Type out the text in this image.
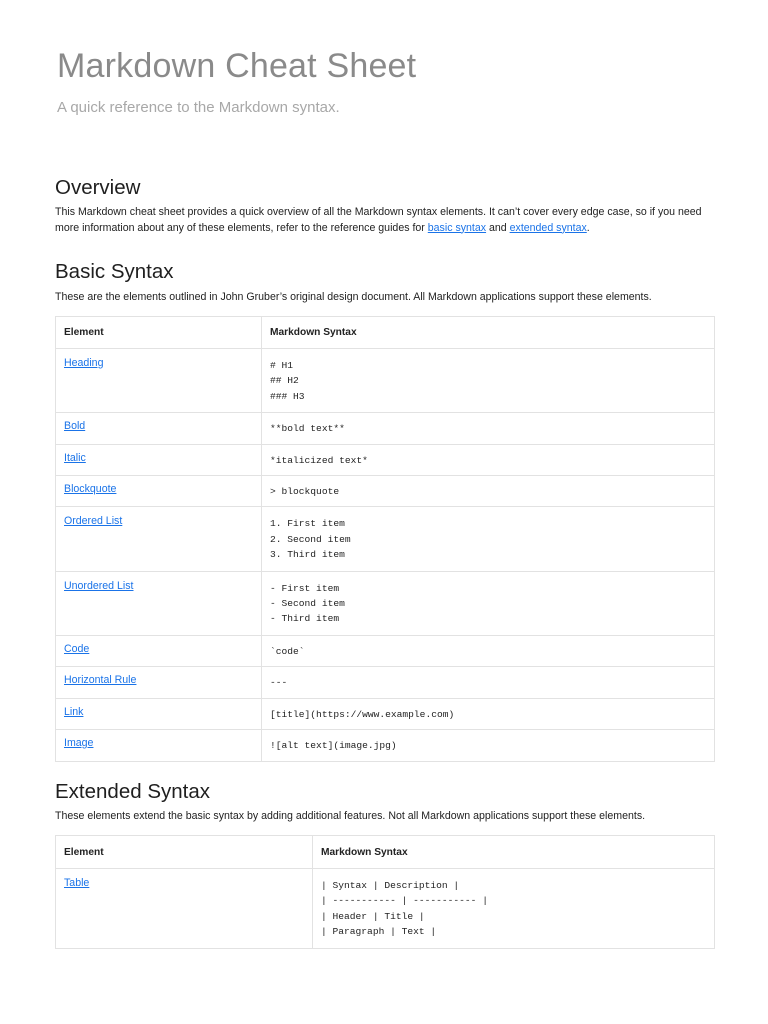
Markdown Cheat Sheet
A quick reference to the Markdown syntax.
Overview

This Markdown cheat sheet provides a quick overview of all the Markdown syntax elements. It can’t cover every edge case, so if you need more information about any of these elements, refer to the reference guides for basic syntax and extended syntax.

Basic Syntax

These are the elements outlined in John Gruber’s original design document. All Markdown applications support these elements.

Element	Markdown Syntax
Heading	# H1
## H2
### H3

Bold	**bold text**

Italic	*italicized text*

Blockquote	> blockquote

Ordered List	1. First item
2. Second item
3. Third item

Unordered List	- First item
- Second item
- Third item

Code	`code`

Horizontal Rule	---

Link	[title](https://www.example.com)

Image	![alt text](image.jpg)
Extended Syntax

These elements extend the basic syntax by adding additional features. Not all Markdown applications support these elements.

Element	Markdown Syntax
Table	| Syntax | Description |
| ----------- | ----------- |
| Header | Title |
| Paragraph | Text |
